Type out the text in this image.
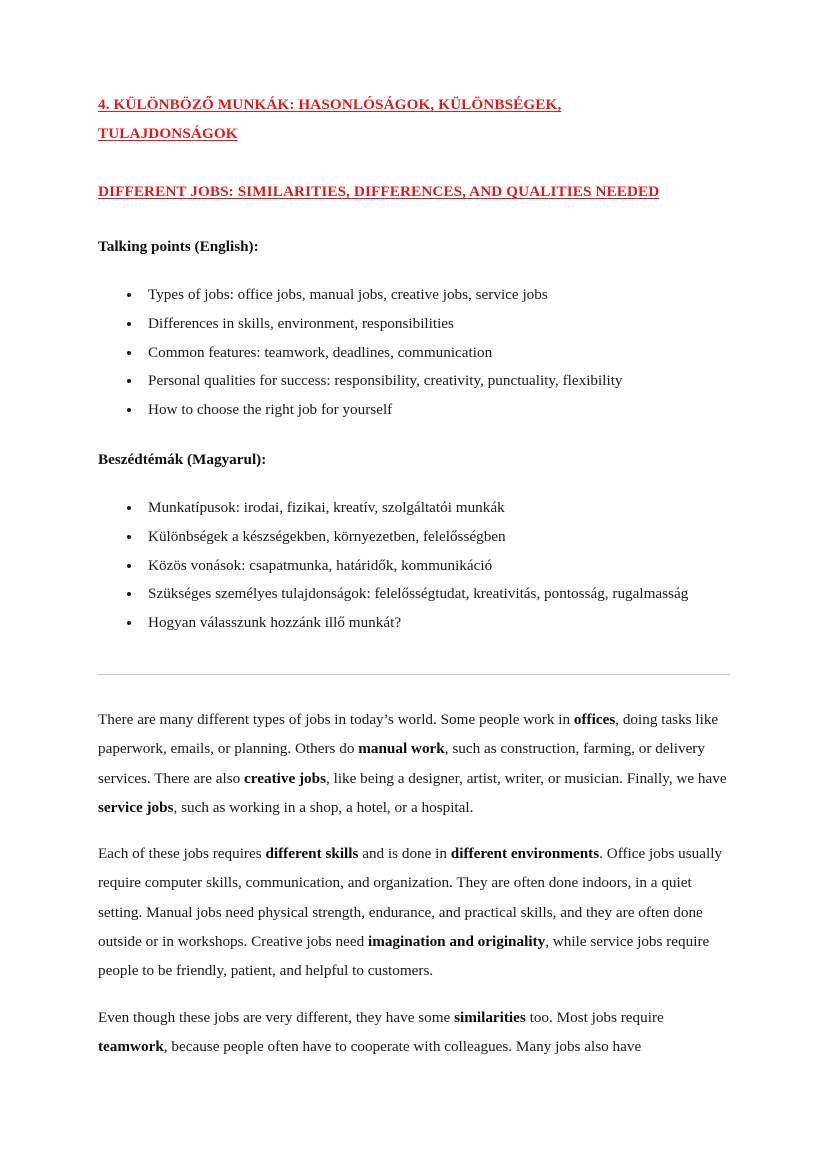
4. KÜLÖNBÖZŐ MUNKÁK: HASONLÓSÁGOK, KÜLÖNBSÉGEK,
TULAJDONSÁGOK
DIFFERENT JOBS: SIMILARITIES, DIFFERENCES, AND QUALITIES NEEDED
Talking points (English):
Types of jobs: office jobs, manual jobs, creative jobs, service jobs
Differences in skills, environment, responsibilities
Common features: teamwork, deadlines, communication
Personal qualities for success: responsibility, creativity, punctuality, flexibility
How to choose the right job for yourself
Beszédtémák (Magyarul):
Munkatípusok: irodai, fizikai, kreatív, szolgáltatói munkák
Különbségek a készségekben, környezetben, felelősségben
Közös vonások: csapatmunka, határidők, kommunikáció
Szükséges személyes tulajdonságok: felelősségtudat, kreativitás, pontosság, rugalmasság
Hogyan válasszunk hozzánk illő munkát?

There are many different types of jobs in today’s world. Some people work in offices, doing tasks like paperwork, emails, or planning. Others do manual work, such as construction, farming, or delivery services. There are also creative jobs, like being a designer, artist, writer, or musician. Finally, we have service jobs, such as working in a shop, a hotel, or a hospital.

Each of these jobs requires different skills and is done in different environments. Office jobs usually require computer skills, communication, and organization. They are often done indoors, in a quiet setting. Manual jobs need physical strength, endurance, and practical skills, and they are often done outside or in workshops. Creative jobs need imagination and originality, while service jobs require people to be friendly, patient, and helpful to customers.

Even though these jobs are very different, they have some similarities too. Most jobs require teamwork, because people often have to cooperate with colleagues. Many jobs also have
